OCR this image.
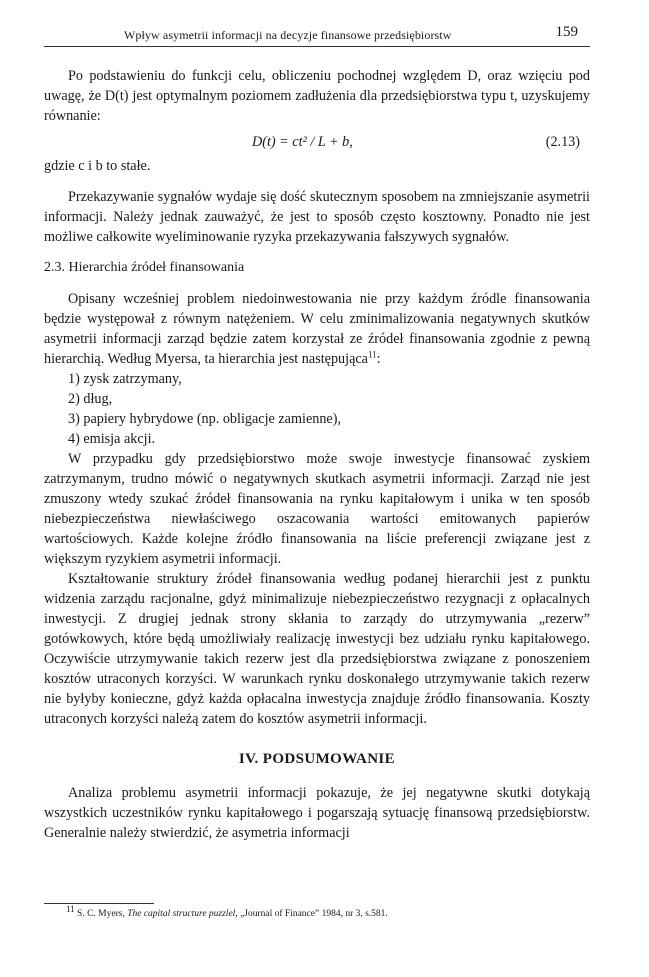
Wpływ asymetrii informacji na decyzje finansowe przedsiębiorstw	159

Po podstawieniu do funkcji celu, obliczeniu pochodnej względem D, oraz wzięciu pod uwagę, że D(t) jest optymalnym poziomem zadłużenia dla przedsiębiorstwa typu t, uzyskujemy równanie:

D(t) = ct² / L + b,	(2.13)

gdzie c i b to stałe.

Przekazywanie sygnałów wydaje się dość skutecznym sposobem na zmniejszanie asymetrii informacji. Należy jednak zauważyć, że jest to sposób często kosztowny. Ponadto nie jest możliwe całkowite wyeliminowanie ryzyka przekazywania fałszywych sygnałów.

2.3. Hierarchia źródeł finansowania

Opisany wcześniej problem niedoinwestowania nie przy każdym źródle finansowania będzie występował z równym natężeniem. W celu zminimalizowania negatywnych skutków asymetrii informacji zarząd będzie zatem korzystał ze źródeł finansowania zgodnie z pewną hierarchią. Według Myersa, ta hierarchia jest następująca$^{11}$:

1) zysk zatrzymany,
2) dług,
3) papiery hybrydowe (np. obligacje zamienne),
4) emisja akcji.

W przypadku gdy przedsiębiorstwo może swoje inwestycje finansować zyskiem zatrzymanym, trudno mówić o negatywnych skutkach asymetrii informacji. Zarząd nie jest zmuszony wtedy szukać źródeł finansowania na rynku kapitałowym i unika w ten sposób niebezpieczeństwa niewłaściwego oszacowania wartości emitowanych papierów wartościowych. Każde kolejne źródło finansowania na liście preferencji związane jest z większym ryzykiem asymetrii informacji.

Kształtowanie struktury źródeł finansowania według podanej hierarchii jest z punktu widzenia zarządu racjonalne, gdyż minimalizuje niebezpieczeństwo rezygnacji z opłacalnych inwestycji. Z drugiej jednak strony skłania to zarządy do utrzymywania „rezerw” gotówkowych, które będą umożliwiały realizację inwestycji bez udziału rynku kapitałowego. Oczywiście utrzymywanie takich rezerw jest dla przedsiębiorstwa związane z ponoszeniem kosztów utraconych korzyści. W warunkach rynku doskonałego utrzymywanie takich rezerw nie byłyby konieczne, gdyż każda opłacalna inwestycja znajduje źródło finansowania. Koszty utraconych korzyści należą zatem do kosztów asymetrii informacji.

IV. PODSUMOWANIE

Analiza problemu asymetrii informacji pokazuje, że jej negatywne skutki dotykają wszystkich uczestników rynku kapitałowego i pogarszają sytuację finansową przedsiębiorstw. Generalnie należy stwierdzić, że asymetria informacji

$^{11}$ S. C. Myers, The capital structure puzzlel, „Journal of Finance” 1984, nr 3, s.581.
